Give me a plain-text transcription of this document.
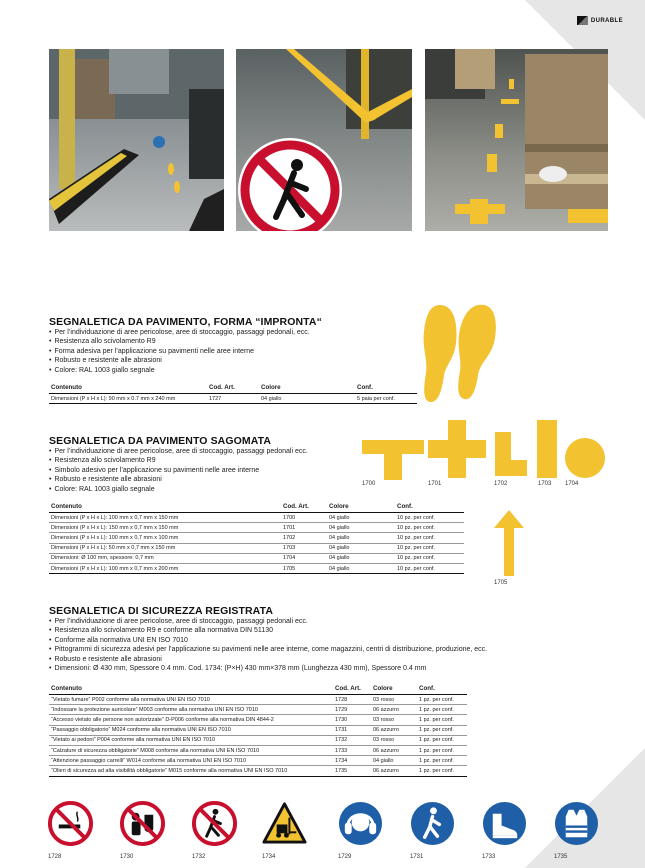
DURABLE
SEGNALETICA DA PAVIMENTO, FORMA “IMPRONTA“
• Per l’individuazione di aree pericolose, aree di stoccaggio, passaggi pedonali, ecc.
• Resistenza allo scivolamento R9
• Forma adesiva per l’applicazione su pavimenti nelle aree interne
• Robusto e resistente alle abrasioni
• Colore: RAL 1003 giallo segnale
Contenuto	Cod. Art.	Colore	Conf.
Dimensioni (P x H x L): 90 mm x 0.7 mm x 240 mm	1727	04 giallo	5 paia per conf.
SEGNALETICA DA PAVIMENTO SAGOMATA
• Per l’individuazione di aree pericolose, aree di stoccaggio, passaggi pedonali ecc.
• Resistenza allo scivolamento R9
• Simbolo adesivo per l’applicazione su pavimenti nelle aree interne
• Robusto e resistente alle abrasioni
• Colore: RAL 1003 giallo segnale
Contenuto	Cod. Art.	Colore	Conf.
Dimensioni (P x H x L): 100 mm x 0,7 mm x 150 mm	1700	04 giallo	10 pz. per conf.
Dimensioni (P x H x L): 150 mm x 0,7 mm x 150 mm	1701	04 giallo	10 pz. per conf.
Dimensioni (P x H x L): 100 mm x 0,7 mm x 100 mm	1702	04 giallo	10 pz. per conf.
Dimensioni (P x H x L): 50 mm x 0,7 mm x 150 mm	1703	04 giallo	10 pz. per conf.
Dimensioni: Ø 100 mm, spessore: 0,7 mm	1704	04 giallo	10 pz. per conf.
Dimensioni (P x H x L): 100 mm x 0,7 mm x 200 mm	1705	04 giallo	10 pz. per conf.
1700	1701	1702	1703 1704
1705
SEGNALETICA DI SICUREZZA REGISTRATA
• Per l’individuazione di aree pericolose, aree di stoccaggio, passaggi pedonali ecc.
• Resistenza allo scivolamento R9 e conforme alla normativa DIN 51130
• Conforme alla normativa UNI EN ISO 7010
• Pittogrammi di sicurezza adesivi per l’applicazione su pavimenti nelle aree interne, come magazzini, centri di distribuzione, produzione, ecc.
• Robusto e resistente alle abrasioni
• Dimensioni: Ø 430 mm, Spessore 0.4 mm. Cod. 1734: (P×H) 430 mm×378 mm (Lunghezza 430 mm), Spessore 0.4 mm
Contenuto	Cod. Art.	Colore	Conf.
“Vietato fumare” P002 conforme alla normativa UNI EN ISO 7010	1728	03 rosso	1 pz. per conf.
“Indossare la protezione auricolare” M003 conforme alla normativa UNI EN ISO 7010	1729	06 azzurro	1 pz. per conf.
“Accesso vietato alle persone non autorizzate” D-P006 conforme alla normativa DIN 4844-2	1730	03 rosso	1 pz. per conf.
“Passaggio obbligatorio” M024 conforme alla normativa UNI EN ISO 7010	1731	06 azzurro	1 pz. per conf.
“Vietato ai pedoni” P004 conforme alla normativa UNI EN ISO 7010	1732	03 rosso	1 pz. per conf.
“Calzature di sicurezza obbligatorie” M008 conforme alla normativa UNI EN ISO 7010	1733	06 azzurro	1 pz. per conf.
“Attenzione passaggio carrelli” W014 conforme alla normativa UNI EN ISO 7010	1734	04 giallo	1 pz. per conf.
“Olieri di sicurezza ad alta visibilità obbligatorie” M015 conforme alla normativa UNI EN ISO 7010	1735	06 azzurro	1 pz. per conf.
1728	1730	1732	1734	1729	1731	1733	1735
